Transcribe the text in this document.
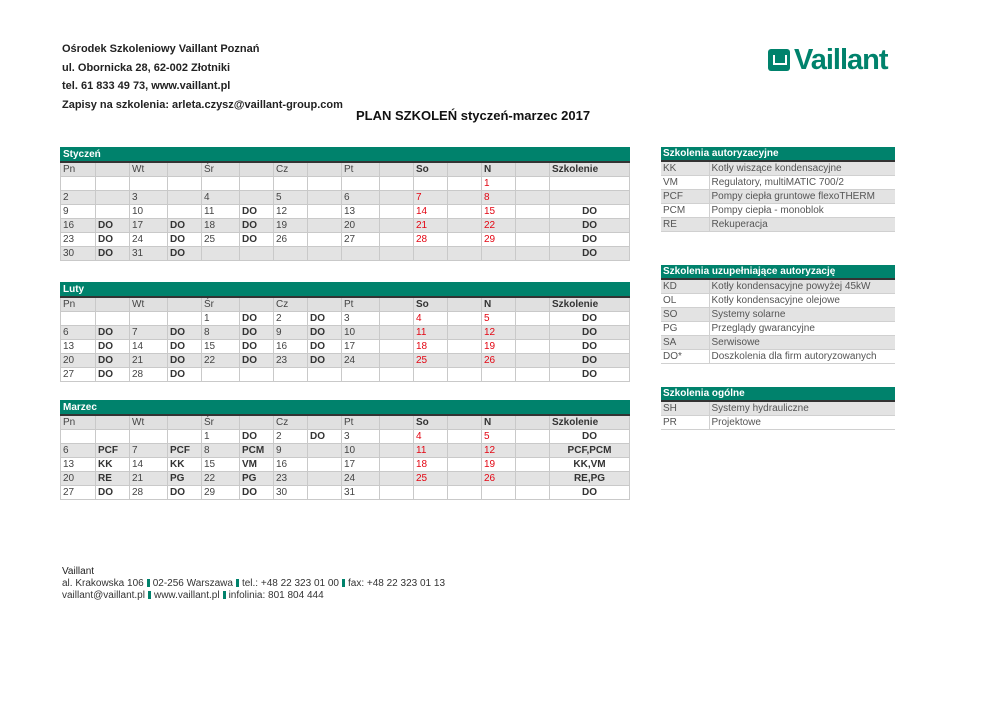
Ośrodek Szkoleniowy Vaillant Poznań
ul. Obornicka 28, 62-002 Złotniki
tel. 61 833 49 73, www.vaillant.pl
Zapisy na szkolenia: arleta.czysz@vaillant-group.com
Vaillant
PLAN SZKOLEŃ styczeń-marzec 2017
Styczeń														
Pn		Wt		Śr		Cz		Pt		So		N		Szkolenie
												1		
2		3		4		5		6		7		8		
9		10		11	DO	12		13		14		15		DO
16	DO	17	DO	18	DO	19		20		21		22		DO
23	DO	24	DO	25	DO	26		27		28		29		DO
30	DO	31	DO											DO
Luty														
Pn		Wt		Śr		Cz		Pt		So		N		Szkolenie
				1	DO	2	DO	3		4		5		DO
6	DO	7	DO	8	DO	9	DO	10		11		12		DO
13	DO	14	DO	15	DO	16	DO	17		18		19		DO
20	DO	21	DO	22	DO	23	DO	24		25		26		DO
27	DO	28	DO											DO
Marzec														
Pn		Wt		Śr		Cz		Pt		So		N		Szkolenie
				1	DO	2	DO	3		4		5		DO
6	PCF	7	PCF	8	PCM	9		10		11		12		PCF,PCM
13	KK	14	KK	15	VM	16		17		18		19		KK,VM
20	RE	21	PG	22	PG	23		24		25		26		RE,PG
27	DO	28	DO	29	DO	30		31						DO
Szkolenia autoryzacyjne	
KK	Kotły wiszące kondensacyjne
VM	Regulatory, multiMATIC 700/2
PCF	Pompy ciepła gruntowe flexoTHERM
PCM	Pompy ciepła - monoblok
RE	Rekuperacja
Szkolenia uzupełniające autoryzację	
KD	Kotły kondensacyjne powyżej 45kW
OL	Kotły kondensacyjne olejowe
SO	Systemy solarne
PG	Przeglądy gwarancyjne
SA	Serwisowe
DO*	Doszkolenia dla firm autoryzowanych
Szkolenia ogólne	
SH	Systemy hydrauliczne
PR	Projektowe
Vaillant
al. Krakowska 106 02-256 Warszawa tel.: +48 22 323 01 00 fax: +48 22 323 01 13
vaillant@vaillant.pl www.vaillant.pl infolinia: 801 804 444
